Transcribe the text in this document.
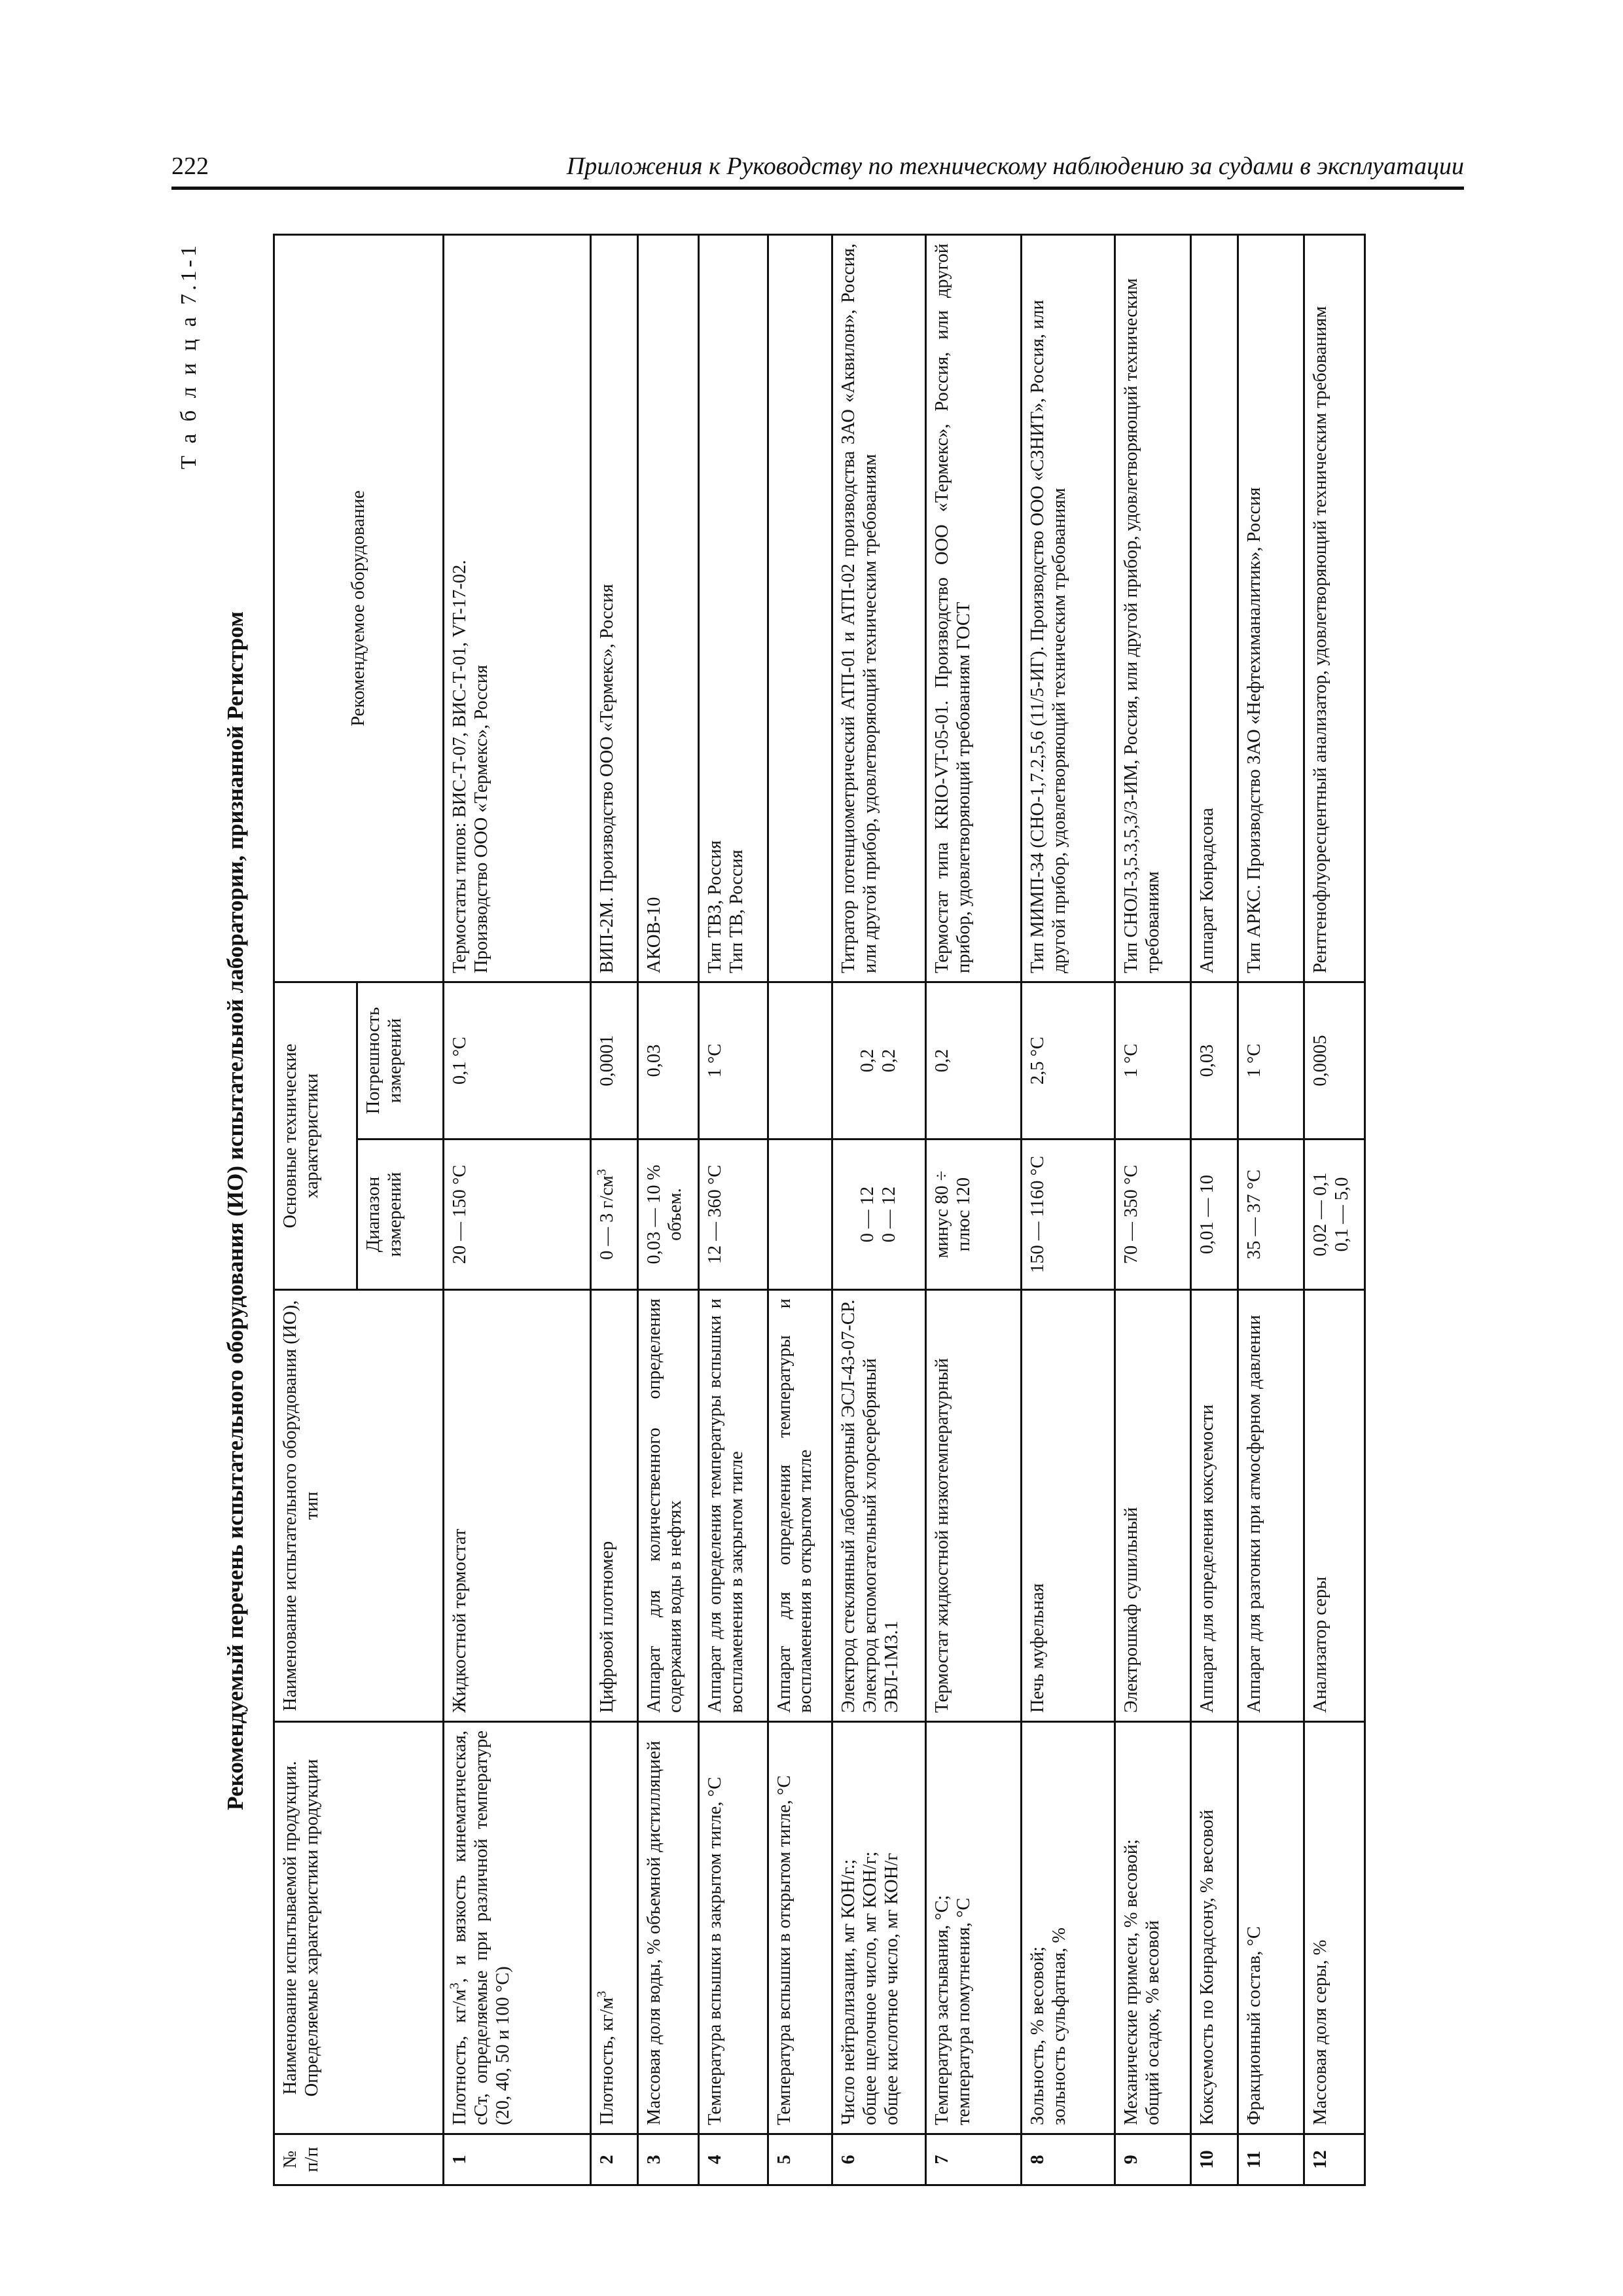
222	Приложения к Руководству по техническому наблюдению за судами в эксплуатации
Т а б л и ц а 7.1-1
Рекомендуемый перечень испытательного оборудования (ИО) испытательной лаборатории, признанной Регистром
№ п/п	Наименование испытываемой продукции. Определяемые характеристики продукции	Наименование испытательного оборудования (ИО), тип	Основные технические характеристики		Рекомендуемое оборудование
			Диапазон измерений	Погрешность измерений	
1	Плотность, $кг/м^3$, и вязкость кинематическая, сСт, определяемые при различной температуре (20, 40, 50 и 100 °С)	Жидкостной термостат	20 — 150 °С	0,1 °С	Термостаты типов: ВИС-Т-07, ВИС-Т-01, VT-17-02. Производство ООО «Термекс», Россия

2	Плотность, $кг/м^3$	Цифровой плотномер	0 — 3 $г/см^3$	0,0001	ВИП-2М. Производство ООО «Термекс», Россия
3	Массовая доля воды, % объемной дистилляцией	Аппарат для количественного определения содержания воды в нефтях	0,03 — 10 % объем.	0,03	АКОВ-10
4	Температура вспышки в закрытом тигле, °С	Аппарат для определения температуры вспышки и воспламенения в закрытом тигле	12 — 360 °С	1 °С	Тип ТВЗ, Россия Тип ТВ, Россия

5	Температура вспышки в открытом тигле, °С	Аппарат для определения температуры и воспламенения в открытом тигле			
6	Число нейтрализации, мг КОН/г.; общее щелочное число, мг КОН/г; общее кислотное число, мг КОН/г	Электрод стеклянный лабораторный ЭСЛ-43-07-СР. Электрод вспомогательный хлорсеребряный ЭВЛ-1М3.1	0 — 12 0 — 12	0,2 0,2	Титратор потенциометрический АТП-01 и АТП-02 производства ЗАО «Аквилон», Россия, или другой прибор, удовлетворяющий техническим требованиям
7	Температура застывания, °С; температура помутнения, °С	Термостат жидкостной низкотемпературный	минус 80 ÷ плюс 120	0,2	Термостат типа KRIO-VT-05-01. Производство ООО «Термекс», Россия, или другой прибор, удовлетворяющий требованиям ГОСТ
8	Зольность, % весовой; зольность сульфатная, %	Печь муфельная	150 — 1160 °С	2,5 °С	Тип МИМП-34 (СНО-1,7.2,5,6 (11/5-ИГ). Производство ООО «СЗНИТ», Россия, или другой прибор, удовлетворяющий техническим требованиям
9	Механические примеси, % весовой; общий осадок, % весовой	Электрошкаф сушильный	70 — 350 °С	1 °С	Тип СНОЛ-3,5.3,5,3/3-ИМ, Россия, или другой прибор, удовлетворяющий техническим требованиям
10	Коксуемость по Конрадсону, % весовой	Аппарат для определения коксуемости	0,01 — 10	0,03	Аппарат Конрадсона
11	Фракционный состав, °С	Аппарат для разгонки при атмосферном давлении	35 — 37 °С	1 °С	Тип АРКС. Производство ЗАО «Нефтехиманалитик», Россия
12	Массовая доля серы, %	Анализатор серы	0,02 — 0,1 0,1 — 5,0	0,0005	Рентгенофлуоресцентный анализатор, удовлетворяющий техническим требованиям
